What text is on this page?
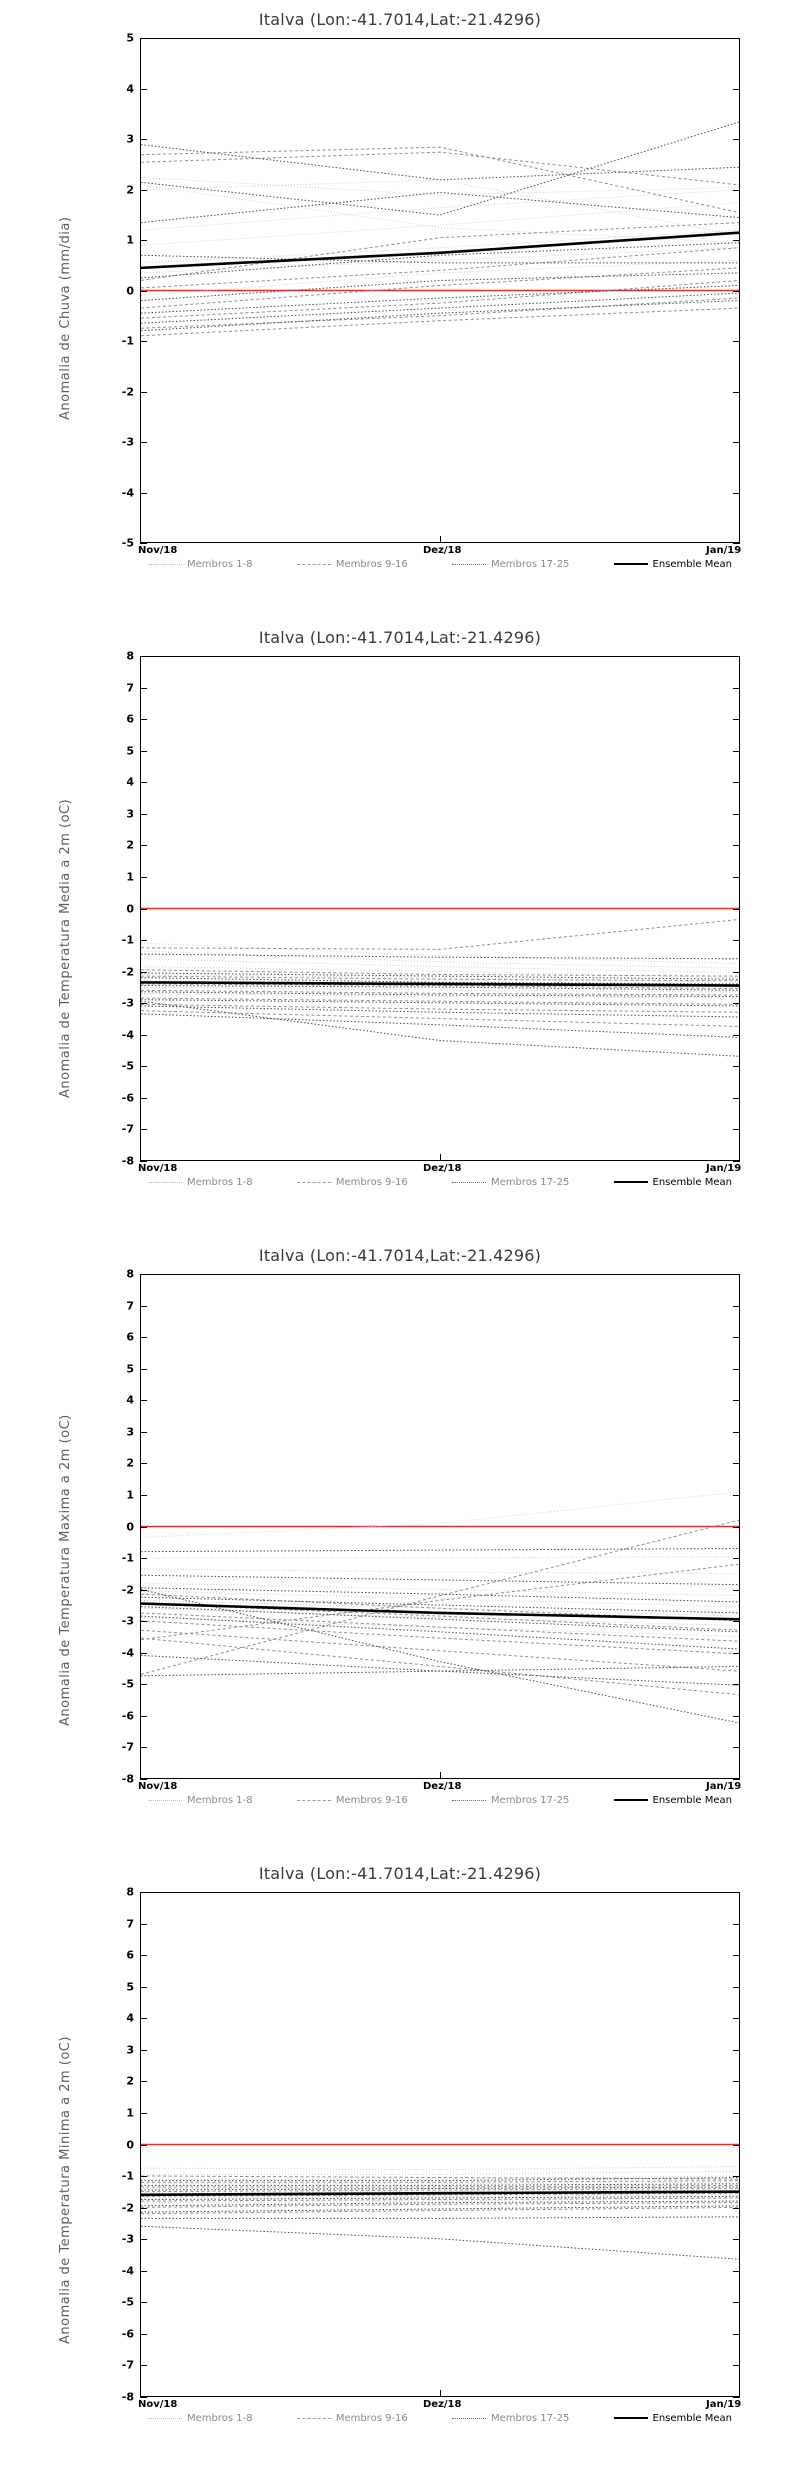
Italva (Lon:-41.7014,Lat:-21.4296)
Anomalia de Chuva (mm/dia)
-5
-4
-3
-2
-1
0
1
2
3
4
5
Nov/18	Dez/18	Jan/19
Membros 1-8	Membros 9-16	Membros 17-25	Ensemble Mean
Italva (Lon:-41.7014,Lat:-21.4296)
Anomalia de Temperatura Media a 2m (oC)
-8
-7
-6
-5
-4
-3
-2
-1
0
1
2
3
4
5
6
7
8
Nov/18	Dez/18	Jan/19
Membros 1-8	Membros 9-16	Membros 17-25	Ensemble Mean
Italva (Lon:-41.7014,Lat:-21.4296)
Anomalia de Temperatura Maxima a 2m (oC)
-8
-7
-6
-5
-4
-3
-2
-1
0
1
2
3
4
5
6
7
8
Nov/18	Dez/18	Jan/19
Membros 1-8	Membros 9-16	Membros 17-25	Ensemble Mean
Italva (Lon:-41.7014,Lat:-21.4296)
Anomalia de Temperatura Minima a 2m (oC)
-8
-7
-6
-5
-4
-3
-2
-1
0
1
2
3
4
5
6
7
8
Nov/18	Dez/18	Jan/19
Membros 1-8	Membros 9-16	Membros 17-25	Ensemble Mean
